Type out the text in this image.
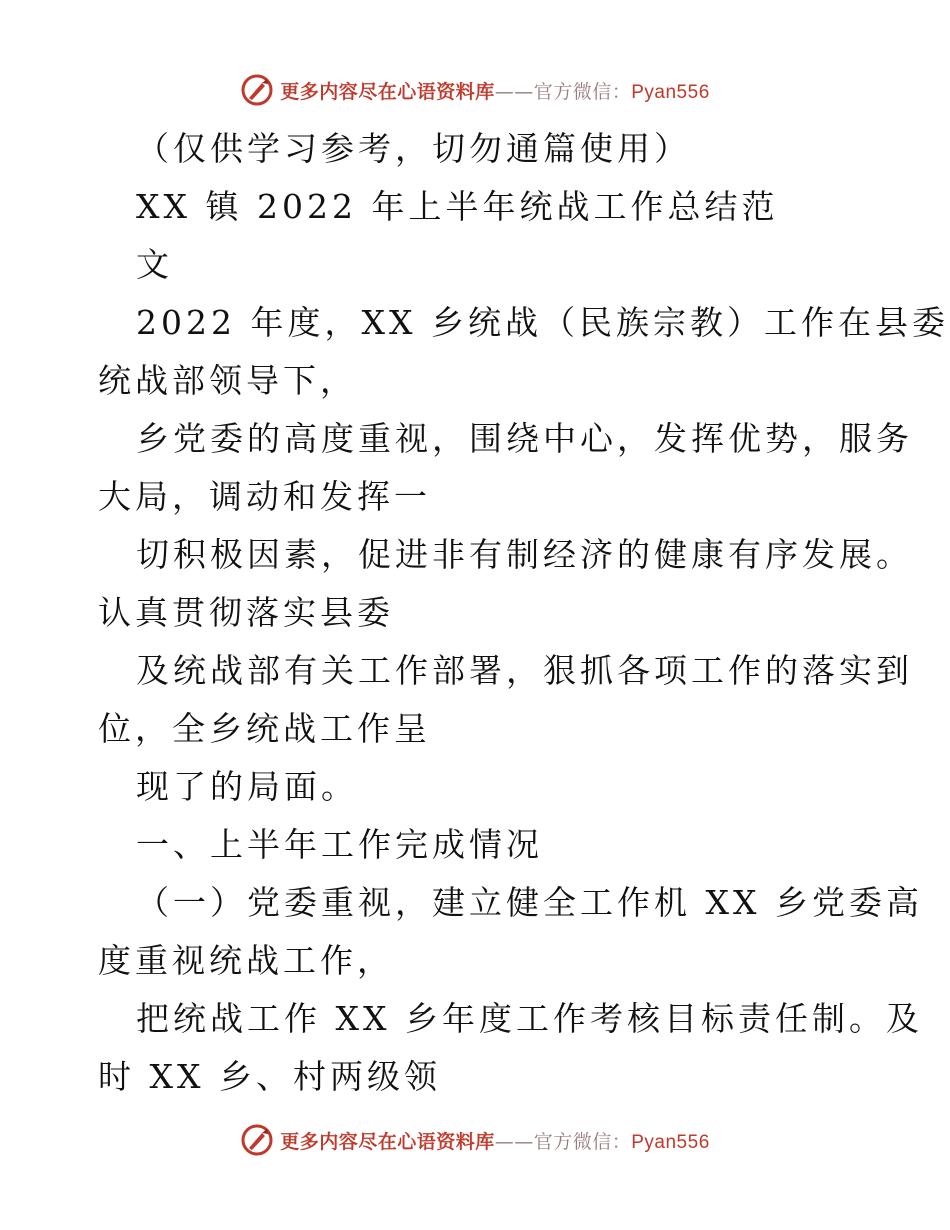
更多内容尽在心语资料库——官方微信：Pyan556
（仅供学习参考，切勿通篇使用）
XX 镇 2022 年上半年统战工作总结范
文
2022 年度，XX 乡统战（民族宗教）工作在县委
统战部领导下，
乡党委的高度重视，围绕中心，发挥优势，服务
大局，调动和发挥一
切积极因素，促进非有制经济的健康有序发展。
认真贯彻落实县委
及统战部有关工作部署，狠抓各项工作的落实到
位，全乡统战工作呈
现了的局面。
一、上半年工作完成情况
（一）党委重视，建立健全工作机 XX 乡党委高
度重视统战工作，
把统战工作 XX 乡年度工作考核目标责任制。及
时 XX 乡、村两级领
更多内容尽在心语资料库——官方微信：Pyan556
